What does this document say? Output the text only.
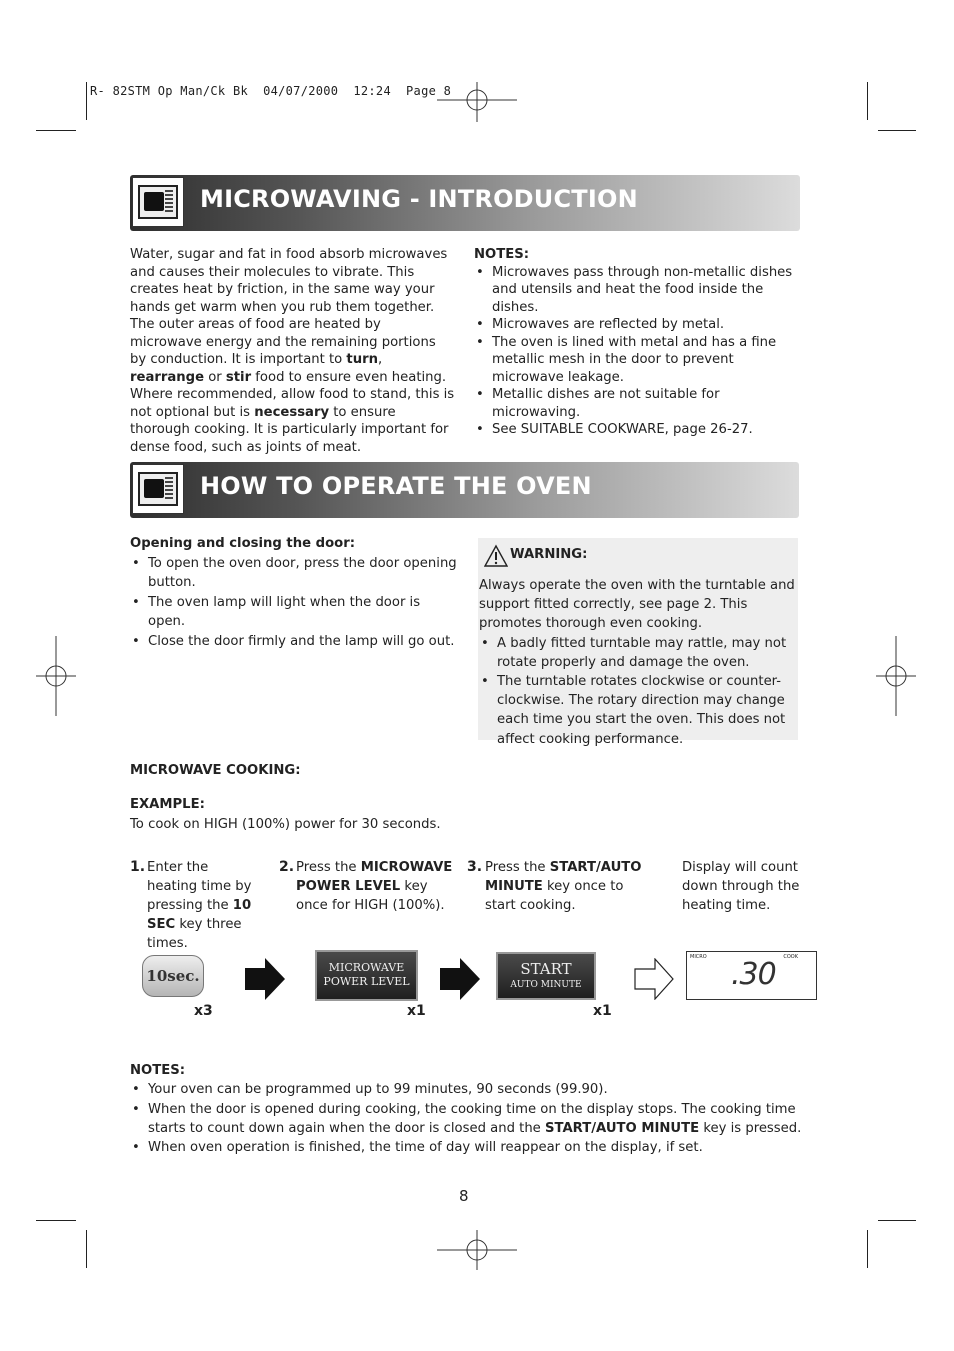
R- 82STM Op Man/Ck Bk  04/07/2000  12:24  Page 8
MICROWAVING - INTRODUCTION
Water, sugar and fat in food absorb microwaves and causes their molecules to vibrate. This creates heat by friction, in the same way your hands get warm when you rub them together.
The outer areas of food are heated by microwave energy and the remaining portions by conduction. It is important to turn, rearrange or stir food to ensure even heating. Where recommended, allow food to stand, this is not optional but is necessary to ensure thorough cooking. It is particularly important for dense food, such as joints of meat.
NOTES:
• Microwaves pass through non-metallic dishes and utensils and heat the food inside the dishes.
• Microwaves are reflected by metal.
• The oven is lined with metal and has a fine metallic mesh in the door to prevent microwave leakage.
• Metallic dishes are not suitable for microwaving.
• See SUITABLE COOKWARE, page 26-27.
HOW TO OPERATE THE OVEN
Opening and closing the door:
• To open the oven door, press the door opening button.
• The oven lamp will light when the door is open.
• Close the door firmly and the lamp will go out.
WARNING:
Always operate the oven with the turntable and support fitted correctly, see page 2. This promotes thorough even cooking.
• A badly fitted turntable may rattle, may not rotate properly and damage the oven.
• The turntable rotates clockwise or counter-clockwise. The rotary direction may change each time you start the oven. This does not affect cooking performance.
MICROWAVE COOKING:
EXAMPLE:
To cook on HIGH (100%) power for 30 seconds.
1. Enter the heating time by pressing the 10 SEC key three times.
2. Press the MICROWAVE POWER LEVEL key once for HIGH (100%).
3. Press the START/AUTO MINUTE key once to start cooking.
Display will count down through the heating time.
10sec.	MICROWAVE
POWER LEVEL
START
AUTO MINUTE
MICRO	COOK
.30
x3	x1	x1
NOTES:
• Your oven can be programmed up to 99 minutes, 90 seconds (99.90).
• When the door is opened during cooking, the cooking time on the display stops. The cooking time starts to count down again when the door is closed and the START/AUTO MINUTE key is pressed.
• When oven operation is finished, the time of day will reappear on the display, if set.
8
